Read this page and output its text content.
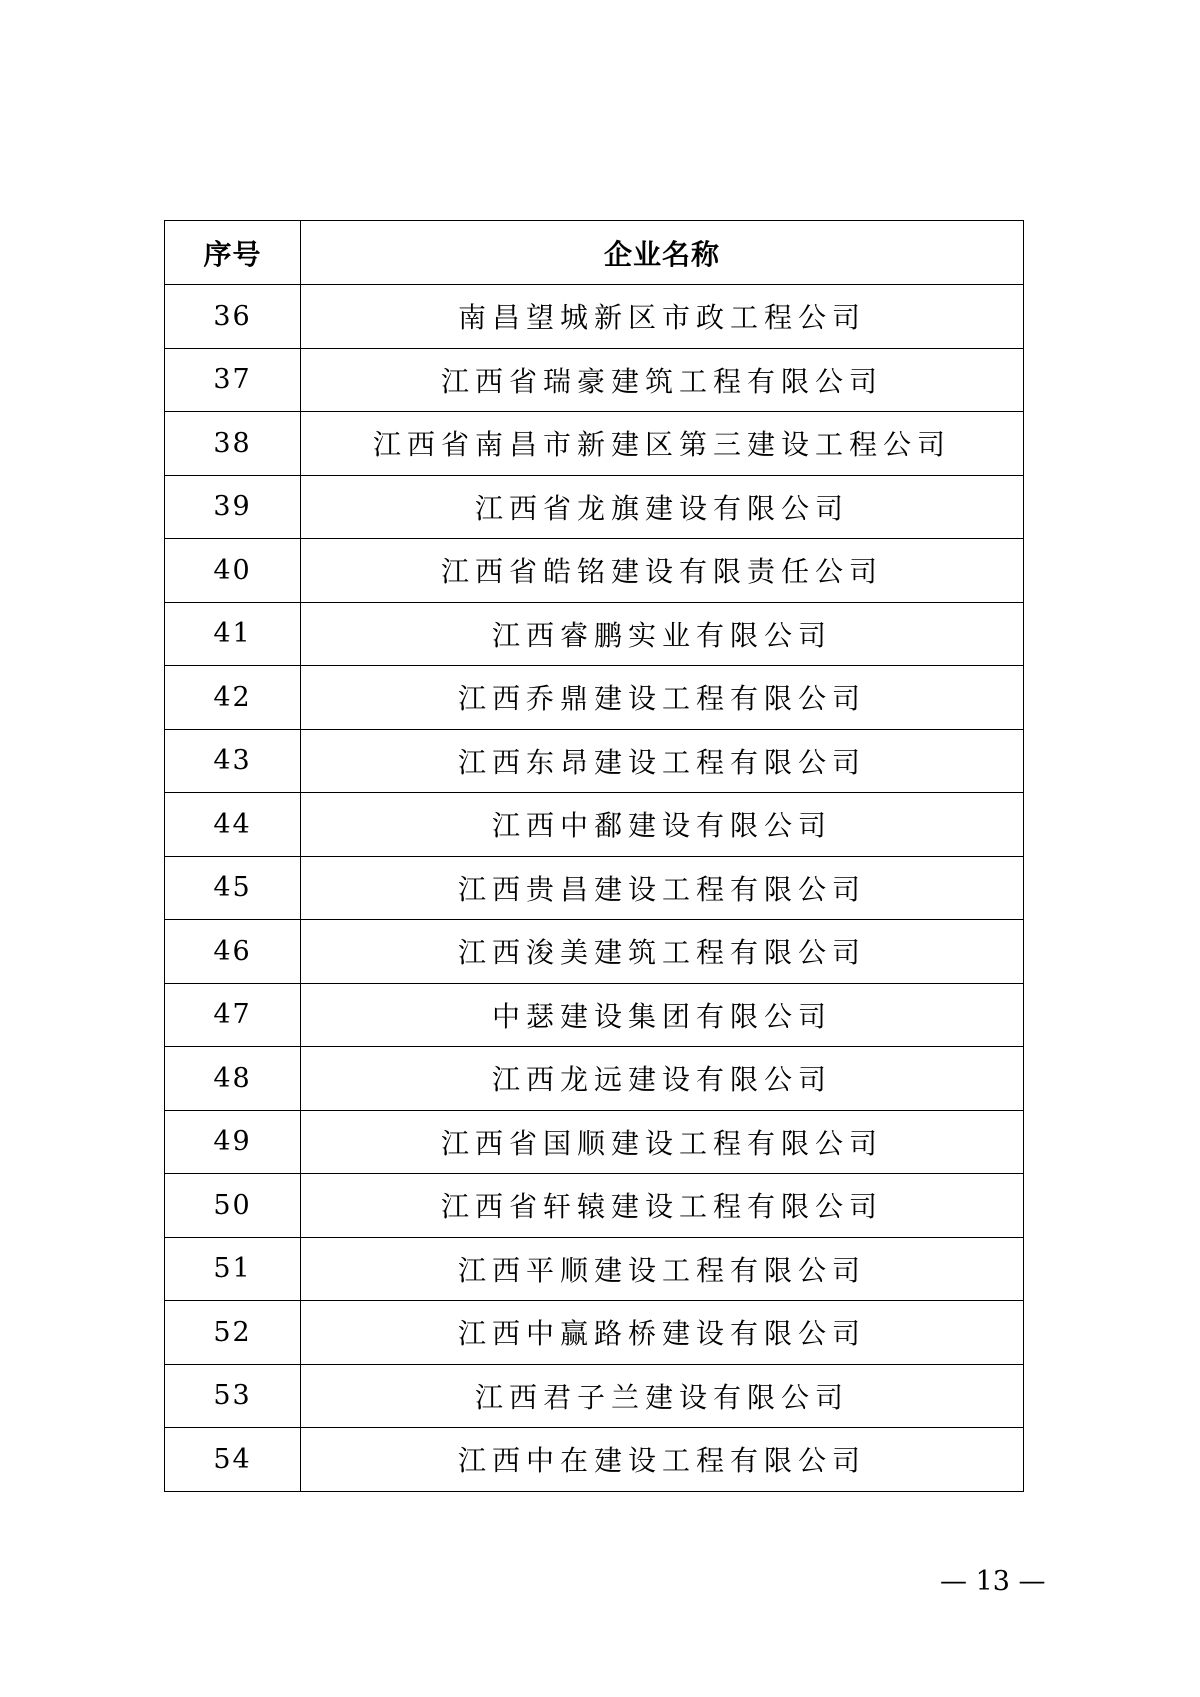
序号	企业名称
36	南昌望城新区市政工程公司
37	江西省瑞豪建筑工程有限公司
38	江西省南昌市新建区第三建设工程公司
39	江西省龙旗建设有限公司
40	江西省皓铭建设有限责任公司
41	江西睿鹏实业有限公司
42	江西乔鼎建设工程有限公司
43	江西东昂建设工程有限公司
44	江西中鄱建设有限公司
45	江西贵昌建设工程有限公司
46	江西浚美建筑工程有限公司
47	中瑟建设集团有限公司
48	江西龙远建设有限公司
49	江西省国顺建设工程有限公司
50	江西省轩辕建设工程有限公司
51	江西平顺建设工程有限公司
52	江西中赢路桥建设有限公司
53	江西君子兰建设有限公司
54	江西中在建设工程有限公司
— 13 —
